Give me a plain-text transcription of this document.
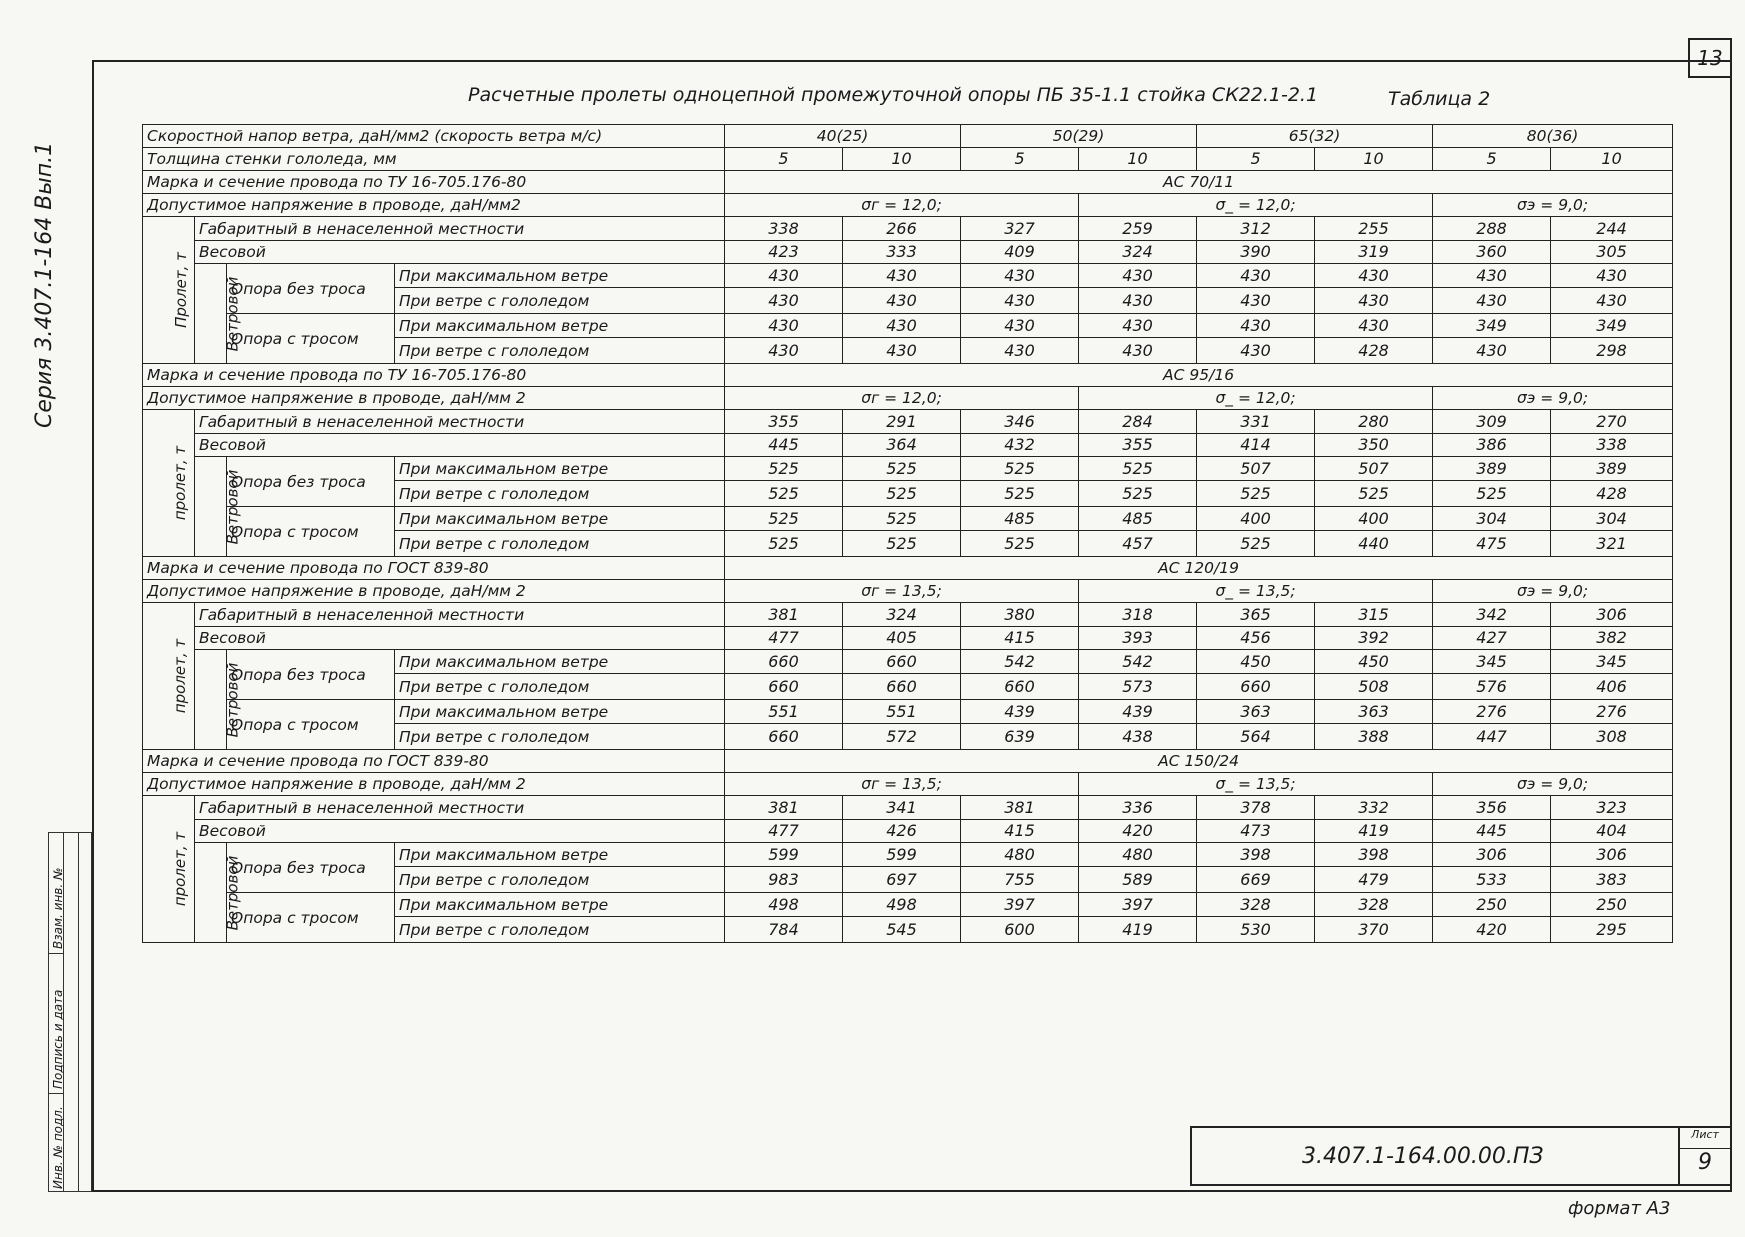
13
Серия 3.407.1-164 Вып.1
Взам. инв. №
Подпись и дата
Инв. № подл.
Расчетные пролеты одноцепной промежуточной опоры ПБ 35-1.1 стойка СК22.1-2.1	Таблица 2
Скоростной напор ветра, даН/мм2 (скорость ветра м/с)				40(25)		50(29)		65(32)		80(36)	
Толщина стенки гололеда, мм				5	10	5	10	5	10	5	10
Марка и сечение провода по ТУ 16-705.176-80				АС 70/11							
Допустимое напряжение в проводе, даН/мм2				σг = 12,0;			σ_ = 12,0;			σэ = 9,0;	
Пролет, т	Габаритный в ненаселенной местности			338	266	327	259	312	255	288	244
	Весовой			423	333	409	324	390	319	360	305
	Ветровой	Опора без троса	При максимальном ветре	430	430	430	430	430	430	430	430
			При ветре с гололедом	430	430	430	430	430	430	430	430
		Опора с тросом	При максимальном ветре	430	430	430	430	430	430	349	349
			При ветре с гололедом	430	430	430	430	430	428	430	298
Марка и сечение провода по ТУ 16-705.176-80				АС 95/16							
Допустимое напряжение в проводе, даН/мм 2				σг = 12,0;			σ_ = 12,0;			σэ = 9,0;	
пролет, т	Габаритный в ненаселенной местности			355	291	346	284	331	280	309	270
	Весовой			445	364	432	355	414	350	386	338
	Ветровой	Опора без троса	При максимальном ветре	525	525	525	525	507	507	389	389
			При ветре с гололедом	525	525	525	525	525	525	525	428
		Опора с тросом	При максимальном ветре	525	525	485	485	400	400	304	304
			При ветре с гололедом	525	525	525	457	525	440	475	321
Марка и сечение провода по ГОСТ 839-80				АС 120/19							
Допустимое напряжение в проводе, даН/мм 2				σг = 13,5;			σ_ = 13,5;			σэ = 9,0;	
пролет, т	Габаритный в ненаселенной местности			381	324	380	318	365	315	342	306
	Весовой			477	405	415	393	456	392	427	382
	Ветровой	Опора без троса	При максимальном ветре	660	660	542	542	450	450	345	345
			При ветре с гололедом	660	660	660	573	660	508	576	406
		Опора с тросом	При максимальном ветре	551	551	439	439	363	363	276	276
			При ветре с гололедом	660	572	639	438	564	388	447	308
Марка и сечение провода по ГОСТ 839-80				АС 150/24							
Допустимое напряжение в проводе, даН/мм 2				σг = 13,5;			σ_ = 13,5;			σэ = 9,0;	
пролет, т	Габаритный в ненаселенной местности			381	341	381	336	378	332	356	323
	Весовой			477	426	415	420	473	419	445	404
	Ветровой	Опора без троса	При максимальном ветре	599	599	480	480	398	398	306	306
			При ветре с гололедом	983	697	755	589	669	479	533	383
		Опора с тросом	При максимальном ветре	498	498	397	397	328	328	250	250
			При ветре с гололедом	784	545	600	419	530	370	420	295
3.407.1-164.00.00.ПЗ
Лист
9
формат А3
